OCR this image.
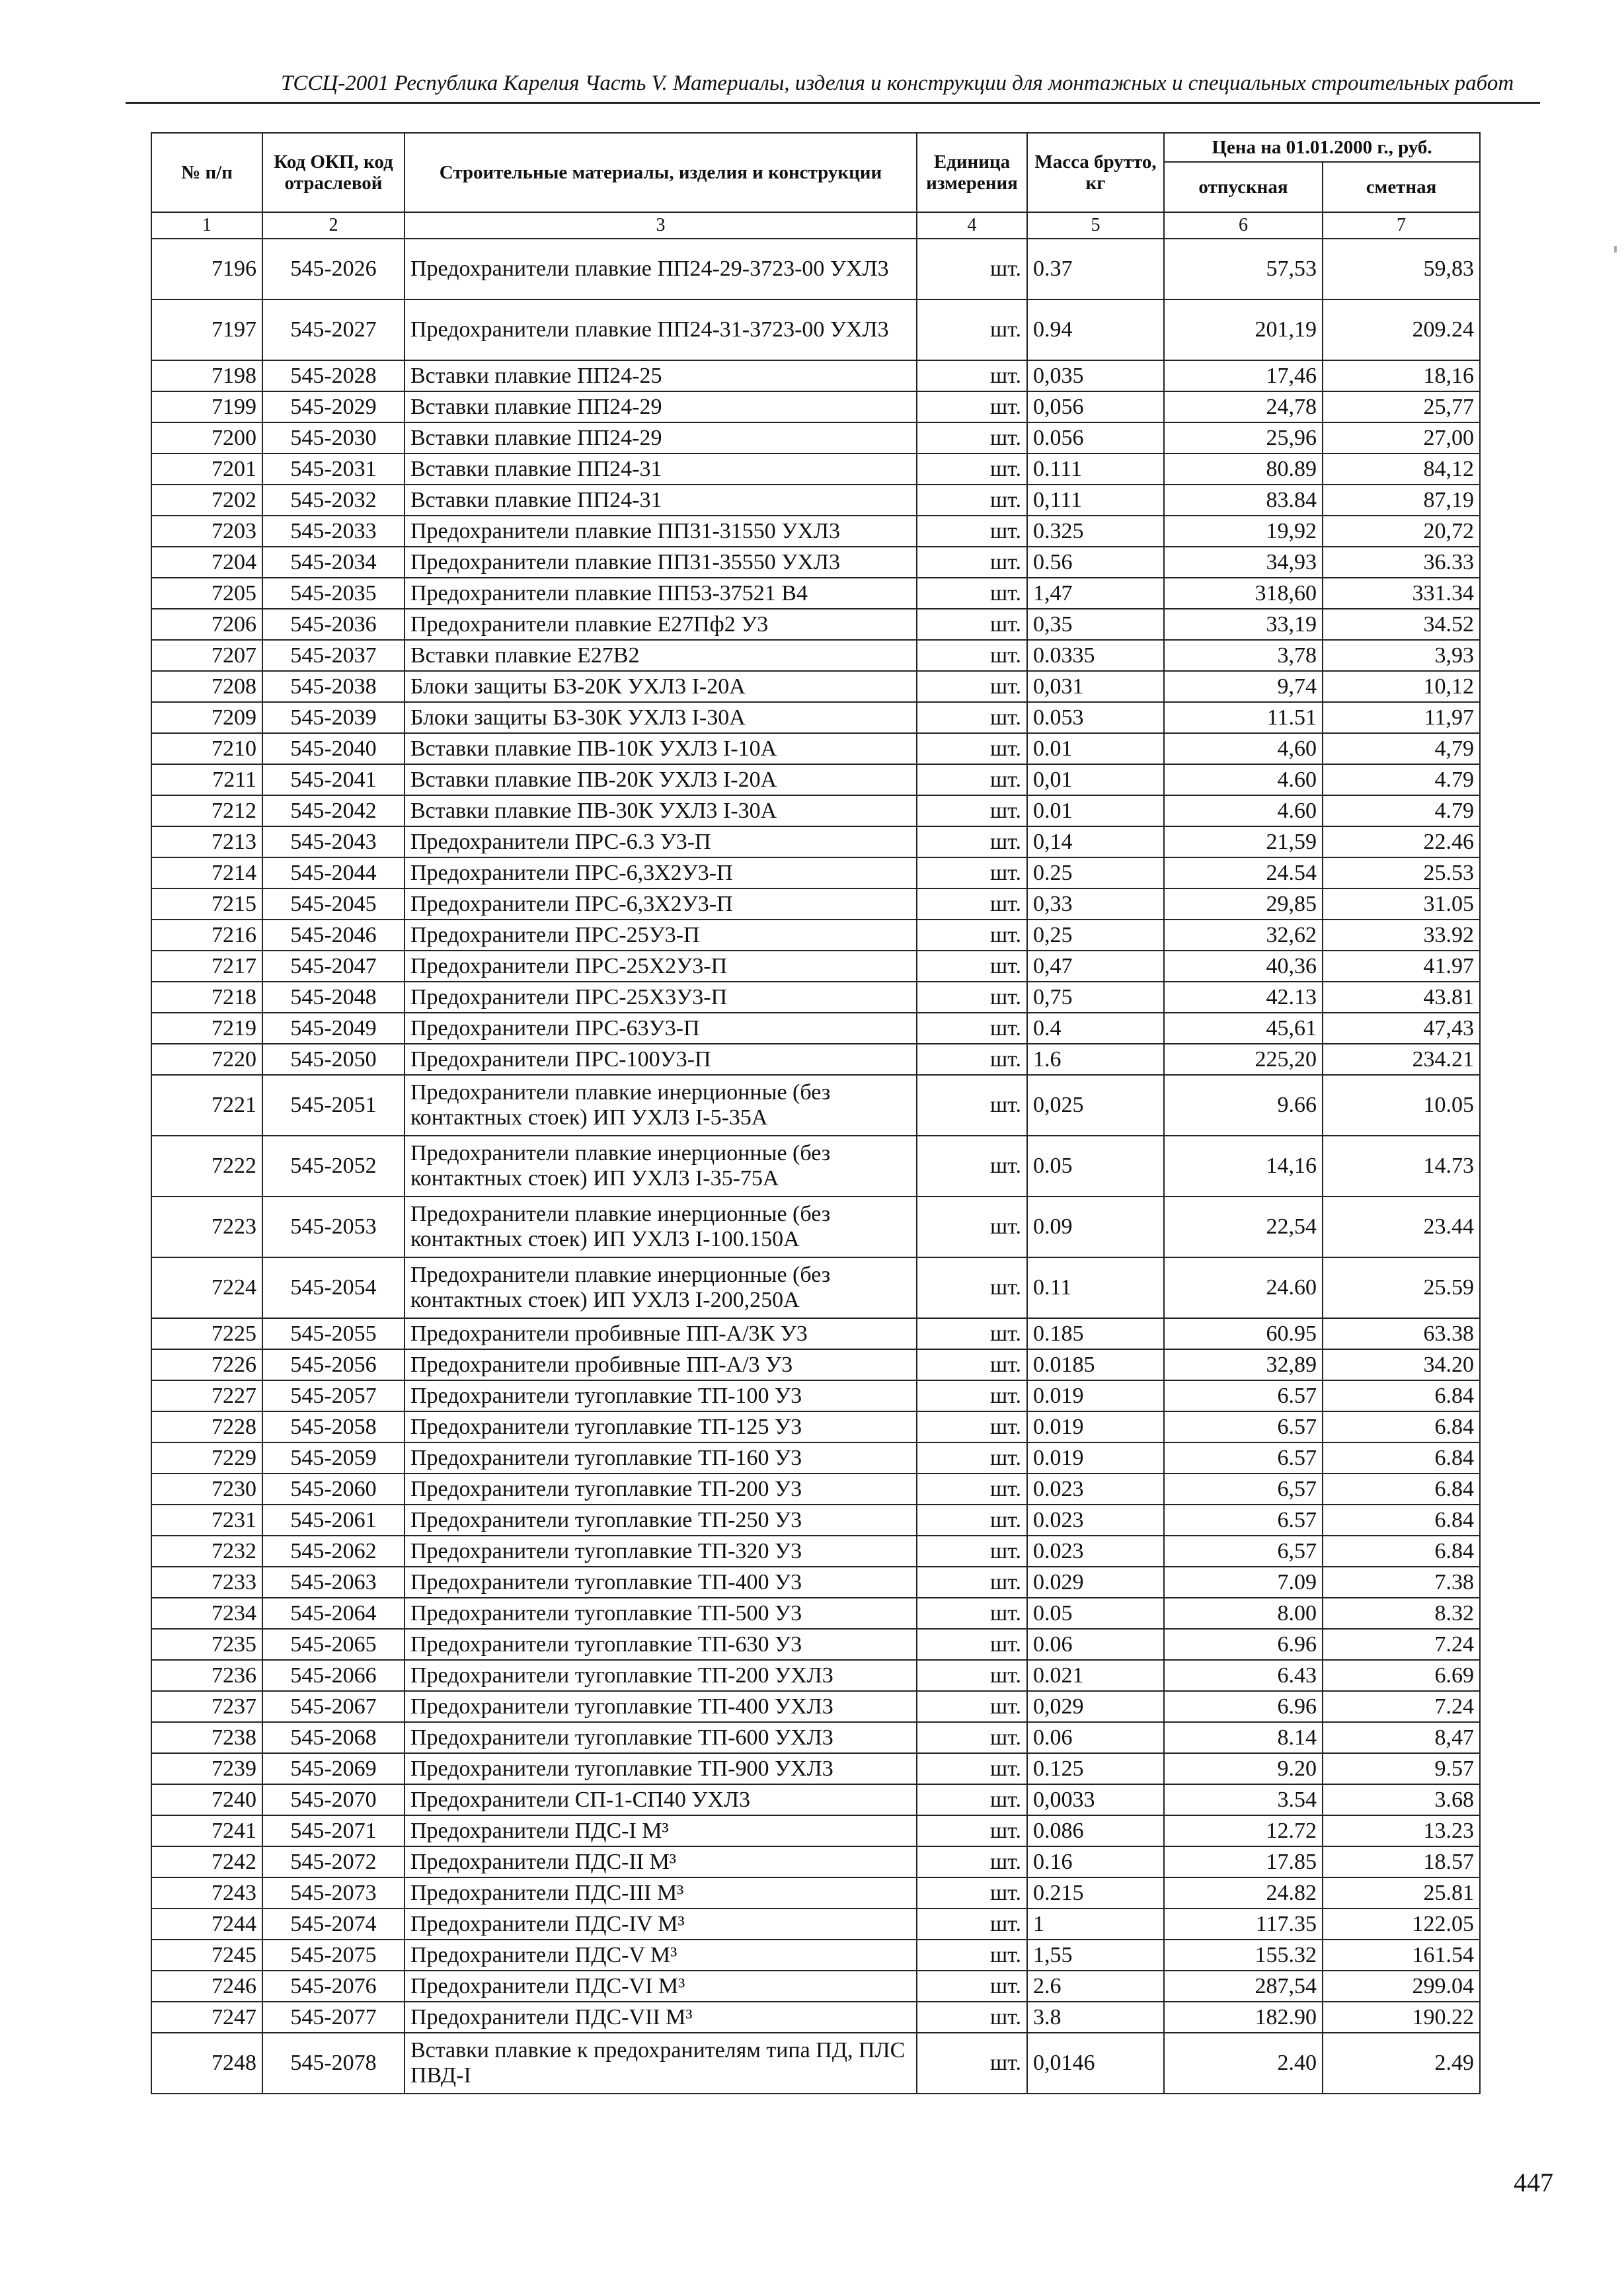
ТССЦ-2001 Республика Карелия Часть V. Материалы, изделия и конструкции для монтажных и специальных строительных работ
№ п/п	Код ОКП, код отраслевой	Строительные материалы, изделия и конструкции	Единица измерения	Масса брутто, кг	Цена на 01.01.2000 г., руб.	
					отпускная	сметная
1	2	3	4	5	6	7
7196	545-2026	Предохранители плавкие ПП24-29-3723-00 УХЛ3	шт.	0.37	57,53	59,83
7197	545-2027	Предохранители плавкие ПП24-31-3723-00 УХЛ3	шт.	0.94	201,19	209.24
7198	545-2028	Вставки плавкие ПП24-25	шт.	0,035	17,46	18,16
7199	545-2029	Вставки плавкие ПП24-29	шт.	0,056	24,78	25,77
7200	545-2030	Вставки плавкие ПП24-29	шт.	0.056	25,96	27,00
7201	545-2031	Вставки плавкие ПП24-31	шт.	0.111	80.89	84,12
7202	545-2032	Вставки плавкие ПП24-31	шт.	0,111	83.84	87,19
7203	545-2033	Предохранители плавкие ПП31-31550 УХЛ3	шт.	0.325	19,92	20,72
7204	545-2034	Предохранители плавкие ПП31-35550 УХЛ3	шт.	0.56	34,93	36.33
7205	545-2035	Предохранители плавкие ПП53-37521 В4	шт.	1,47	318,60	331.34
7206	545-2036	Предохранители плавкие Е27Пф2 У3	шт.	0,35	33,19	34.52
7207	545-2037	Вставки плавкие Е27В2	шт.	0.0335	3,78	3,93
7208	545-2038	Блоки защиты БЗ-20К УХЛ3 I-20А	шт.	0,031	9,74	10,12
7209	545-2039	Блоки защиты БЗ-30К УХЛ3 I-30А	шт.	0.053	11.51	11,97
7210	545-2040	Вставки плавкие ПВ-10К УХЛ3 I-10А	шт.	0.01	4,60	4,79
7211	545-2041	Вставки плавкие ПВ-20К УХЛ3 I-20А	шт.	0,01	4.60	4.79
7212	545-2042	Вставки плавкие ПВ-30К УХЛ3 I-30А	шт.	0.01	4.60	4.79
7213	545-2043	Предохранители ПРС-6.3 У3-П	шт.	0,14	21,59	22.46
7214	545-2044	Предохранители ПРС-6,3Х2У3-П	шт.	0.25	24.54	25.53
7215	545-2045	Предохранители ПРС-6,3Х2У3-П	шт.	0,33	29,85	31.05
7216	545-2046	Предохранители ПРС-25У3-П	шт.	0,25	32,62	33.92
7217	545-2047	Предохранители ПРС-25Х2У3-П	шт.	0,47	40,36	41.97
7218	545-2048	Предохранители ПРС-25Х3У3-П	шт.	0,75	42.13	43.81
7219	545-2049	Предохранители ПРС-63У3-П	шт.	0.4	45,61	47,43
7220	545-2050	Предохранители ПРС-100У3-П	шт.	1.6	225,20	234.21
7221	545-2051	Предохранители плавкие инерционные (без контактных стоек) ИП УХЛ3 I-5-35А	шт.	0,025	9.66	10.05
7222	545-2052	Предохранители плавкие инерционные (без контактных стоек) ИП УХЛ3 I-35-75А	шт.	0.05	14,16	14.73
7223	545-2053	Предохранители плавкие инерционные (без контактных стоек) ИП УХЛ3 I-100.150А	шт.	0.09	22,54	23.44
7224	545-2054	Предохранители плавкие инерционные (без контактных стоек) ИП УХЛ3 I-200,250А	шт.	0.11	24.60	25.59
7225	545-2055	Предохранители пробивные ПП-А/3К У3	шт.	0.185	60.95	63.38
7226	545-2056	Предохранители пробивные ПП-А/3 У3	шт.	0.0185	32,89	34.20
7227	545-2057	Предохранители тугоплавкие ТП-100 У3	шт.	0.019	6.57	6.84
7228	545-2058	Предохранители тугоплавкие ТП-125 У3	шт.	0.019	6.57	6.84
7229	545-2059	Предохранители тугоплавкие ТП-160 У3	шт.	0.019	6.57	6.84
7230	545-2060	Предохранители тугоплавкие ТП-200 У3	шт.	0.023	6,57	6.84
7231	545-2061	Предохранители тугоплавкие ТП-250 У3	шт.	0.023	6.57	6.84
7232	545-2062	Предохранители тугоплавкие ТП-320 У3	шт.	0.023	6,57	6.84
7233	545-2063	Предохранители тугоплавкие ТП-400 У3	шт.	0.029	7.09	7.38
7234	545-2064	Предохранители тугоплавкие ТП-500 У3	шт.	0.05	8.00	8.32
7235	545-2065	Предохранители тугоплавкие ТП-630 У3	шт.	0.06	6.96	7.24
7236	545-2066	Предохранители тугоплавкие ТП-200 УХЛ3	шт.	0.021	6.43	6.69
7237	545-2067	Предохранители тугоплавкие ТП-400 УХЛ3	шт.	0,029	6.96	7.24
7238	545-2068	Предохранители тугоплавкие ТП-600 УХЛ3	шт.	0.06	8.14	8,47
7239	545-2069	Предохранители тугоплавкие ТП-900 УХЛ3	шт.	0.125	9.20	9.57
7240	545-2070	Предохранители СП-1-СП40 УХЛ3	шт.	0,0033	3.54	3.68
7241	545-2071	Предохранители ПДС-I М³	шт.	0.086	12.72	13.23
7242	545-2072	Предохранители ПДС-II М³	шт.	0.16	17.85	18.57
7243	545-2073	Предохранители ПДС-III М³	шт.	0.215	24.82	25.81
7244	545-2074	Предохранители ПДС-IV М³	шт.	1	117.35	122.05
7245	545-2075	Предохранители ПДС-V М³	шт.	1,55	155.32	161.54
7246	545-2076	Предохранители ПДС-VI М³	шт.	2.6	287,54	299.04
7247	545-2077	Предохранители ПДС-VII М³	шт.	3.8	182.90	190.22
7248	545-2078	Вставки плавкие к предохранителям типа ПД, ПЛС ПВД-I	шт.	0,0146	2.40	2.49
447
